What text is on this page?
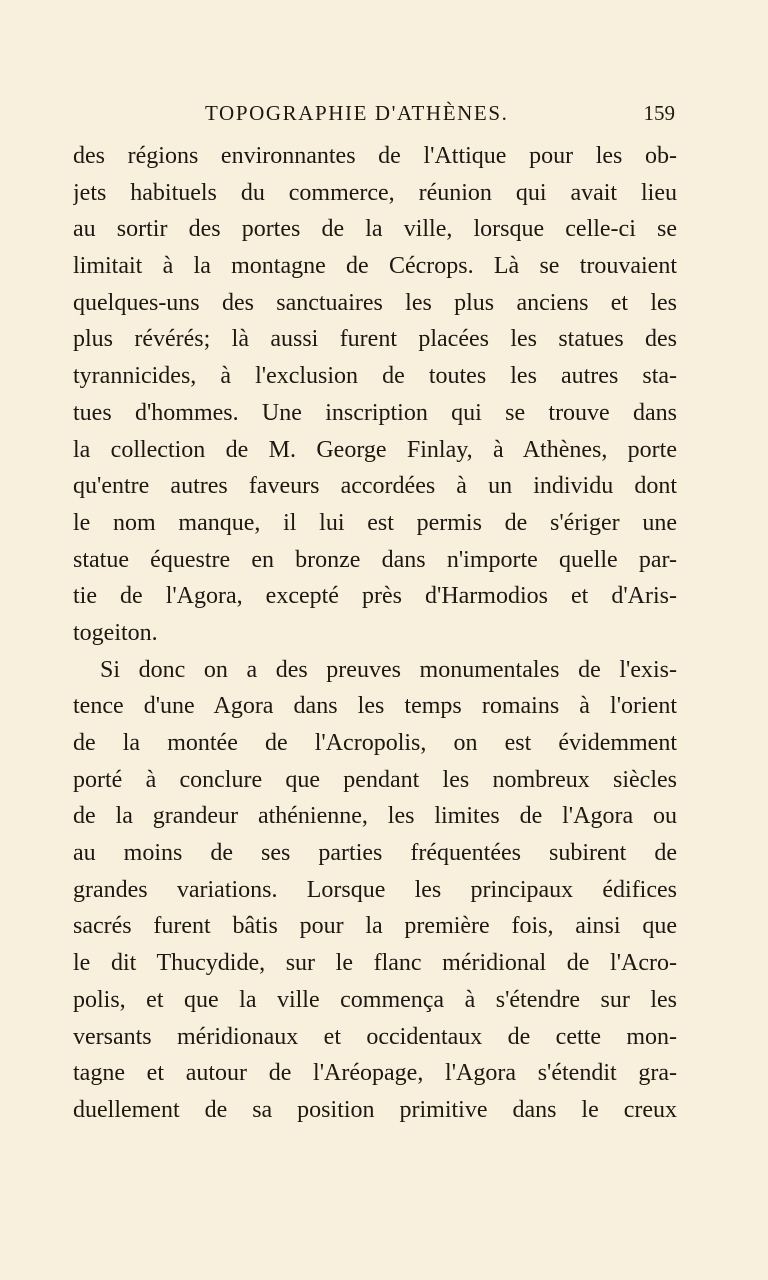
TOPOGRAPHIE D'ATHÈNES.	159
des régions environnantes de l'Attique pour les ob-
jets habituels du commerce, réunion qui avait lieu
au sortir des portes de la ville, lorsque celle-ci se
limitait à la montagne de Cécrops. Là se trouvaient
quelques-uns des sanctuaires les plus anciens et les
plus révérés; là aussi furent placées les statues des
tyrannicides, à l'exclusion de toutes les autres sta-
tues d'hommes. Une inscription qui se trouve dans
la collection de M. George Finlay, à Athènes, porte
qu'entre autres faveurs accordées à un individu dont
le nom manque, il lui est permis de s'ériger une
statue équestre en bronze dans n'importe quelle par-
tie de l'Agora, excepté près d'Harmodios et d'Aris-
togeiton.
Si donc on a des preuves monumentales de l'exis-
tence d'une Agora dans les temps romains à l'orient
de la montée de l'Acropolis, on est évidemment
porté à conclure que pendant les nombreux siècles
de la grandeur athénienne, les limites de l'Agora ou
au moins de ses parties fréquentées subirent de
grandes variations. Lorsque les principaux édifices
sacrés furent bâtis pour la première fois, ainsi que
le dit Thucydide, sur le flanc méridional de l'Acro-
polis, et que la ville commença à s'étendre sur les
versants méridionaux et occidentaux de cette mon-
tagne et autour de l'Aréopage, l'Agora s'étendit gra-
duellement de sa position primitive dans le creux
